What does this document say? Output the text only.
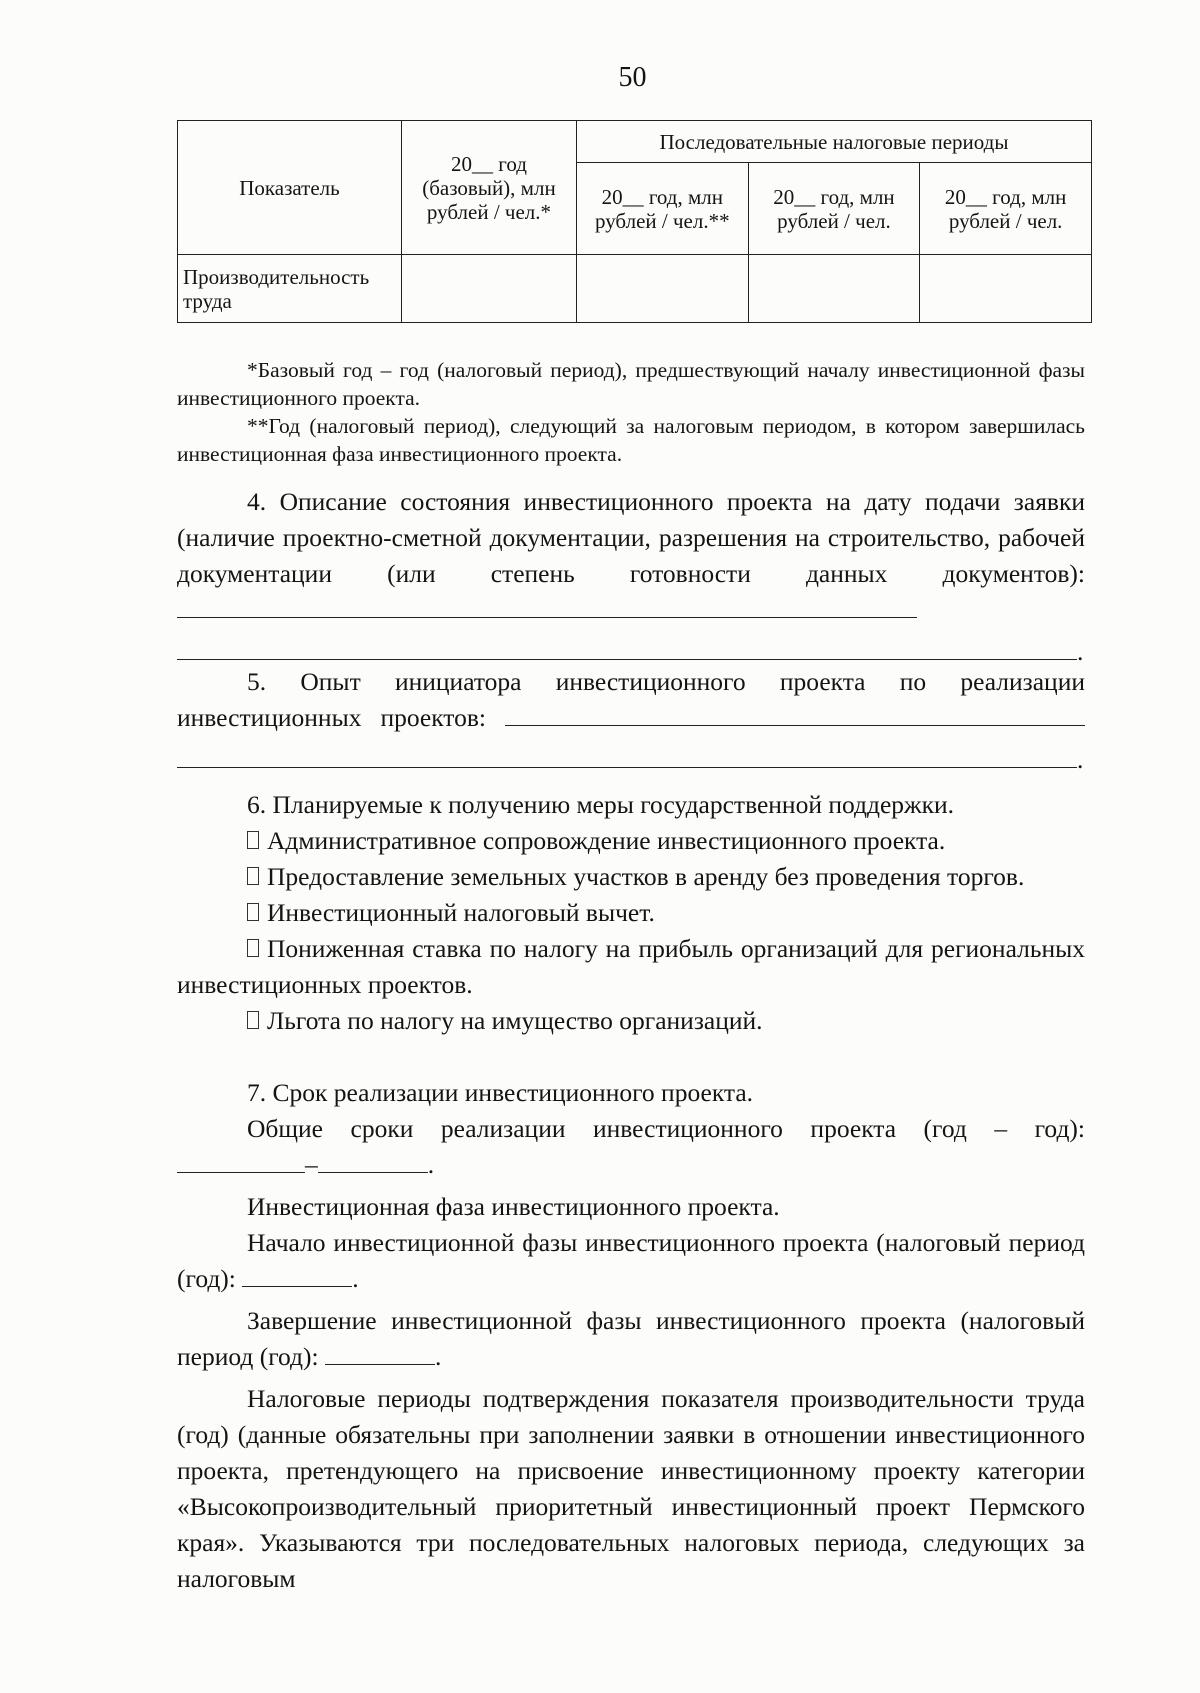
50
Показатель	20__ год (базовый), млн рублей / чел.*	Последовательные налоговые периоды		
		20__ год, млн рублей / чел.**	20__ год, млн рублей / чел.	20__ год, млн рублей / чел.
Производительность труда				

*Базовый год – год (налоговый период), предшествующий началу инвестиционной фазы инвестиционного проекта.

**Год (налоговый период), следующий за налоговым периодом, в котором завершилась инвестиционная фаза инвестиционного проекта.

4. Описание состояния инвестиционного проекта на дату подачи заявки (наличие проектно-сметной документации, разрешения на строительство, рабочей документации (или степень готовности данных документов):

.

5. Опыт инициатора инвестиционного проекта по реализации инвестиционных проектов:

.

6. Планируемые к получению меры государственной поддержки.

Административное сопровождение инвестиционного проекта.

Предоставление земельных участков в аренду без проведения торгов.

Инвестиционный налоговый вычет.

Пониженная ставка по налогу на прибыль организаций для региональных инвестиционных проектов.

Льгота по налогу на имущество организаций.

7. Срок реализации инвестиционного проекта.

Общие сроки реализации инвестиционного проекта (год – год):

–	.

Инвестиционная фаза инвестиционного проекта.

Начало инвестиционной фазы инвестиционного проекта (налоговый период (год):	.

Завершение инвестиционной фазы инвестиционного проекта (налоговый период (год):	.

Налоговые периоды подтверждения показателя производительности труда (год) (данные обязательны при заполнении заявки в отношении инвестиционного проекта, претендующего на присвоение инвестиционному проекту категории «Высокопроизводительный приоритетный инвестиционный проект Пермского края». Указываются три последовательных налоговых периода, следующих за налоговым
